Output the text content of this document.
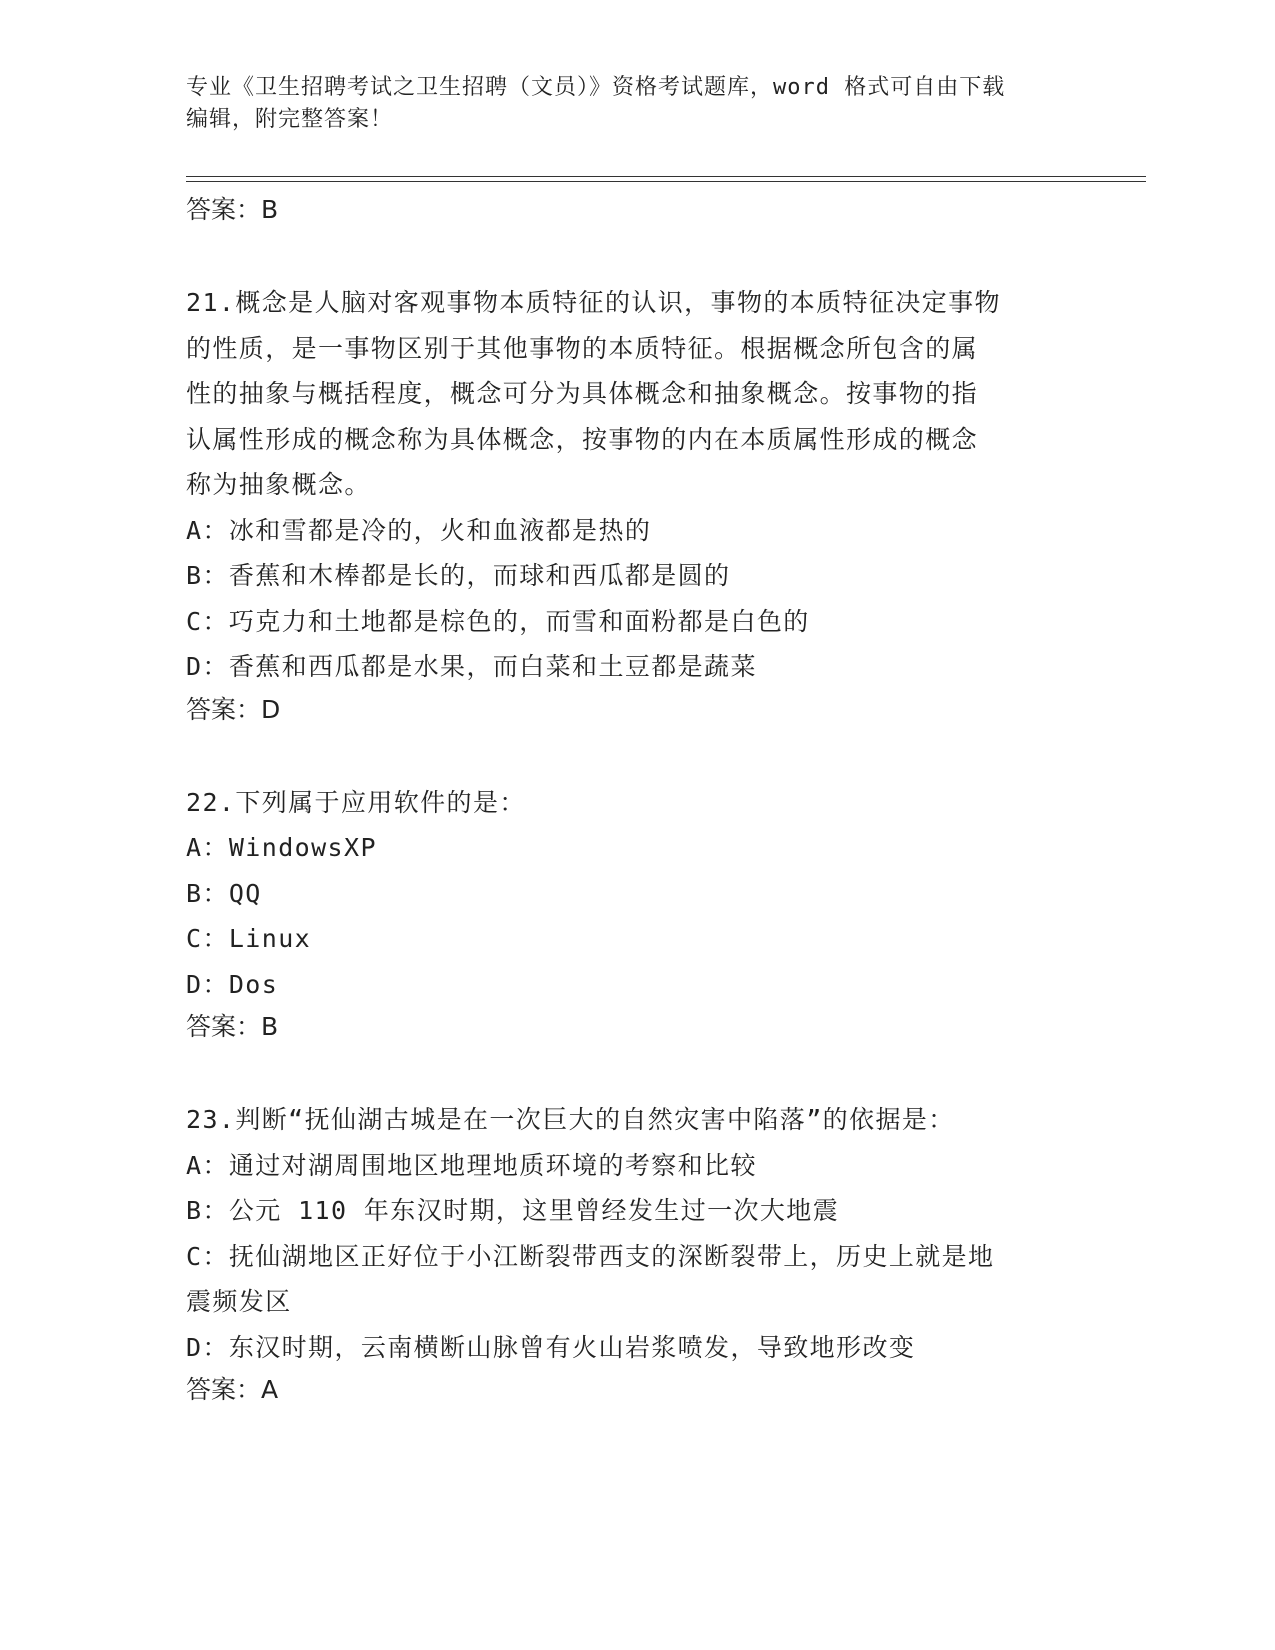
专业《卫生招聘考试之卫生招聘（文员）》资格考试题库，word 格式可自由下载
编辑，附完整答案！

答案：B

21.概念是人脑对客观事物本质特征的认识，事物的本质特征决定事物

的性质，是一事物区别于其他事物的本质特征。根据概念所包含的属

性的抽象与概括程度，概念可分为具体概念和抽象概念。按事物的指

认属性形成的概念称为具体概念，按事物的内在本质属性形成的概念

称为抽象概念。

A：冰和雪都是冷的，火和血液都是热的

B：香蕉和木棒都是长的，而球和西瓜都是圆的

C：巧克力和土地都是棕色的，而雪和面粉都是白色的

D：香蕉和西瓜都是水果，而白菜和土豆都是蔬菜

答案：D

22.下列属于应用软件的是：

A：WindowsXP

B：QQ

C：Linux

D：Dos

答案：B

23.判断“抚仙湖古城是在一次巨大的自然灾害中陷落”的依据是：

A：通过对湖周围地区地理地质环境的考察和比较

B：公元 110 年东汉时期，这里曾经发生过一次大地震

C：抚仙湖地区正好位于小江断裂带西支的深断裂带上，历史上就是地

震频发区

D：东汉时期，云南横断山脉曾有火山岩浆喷发，导致地形改变

答案：A
